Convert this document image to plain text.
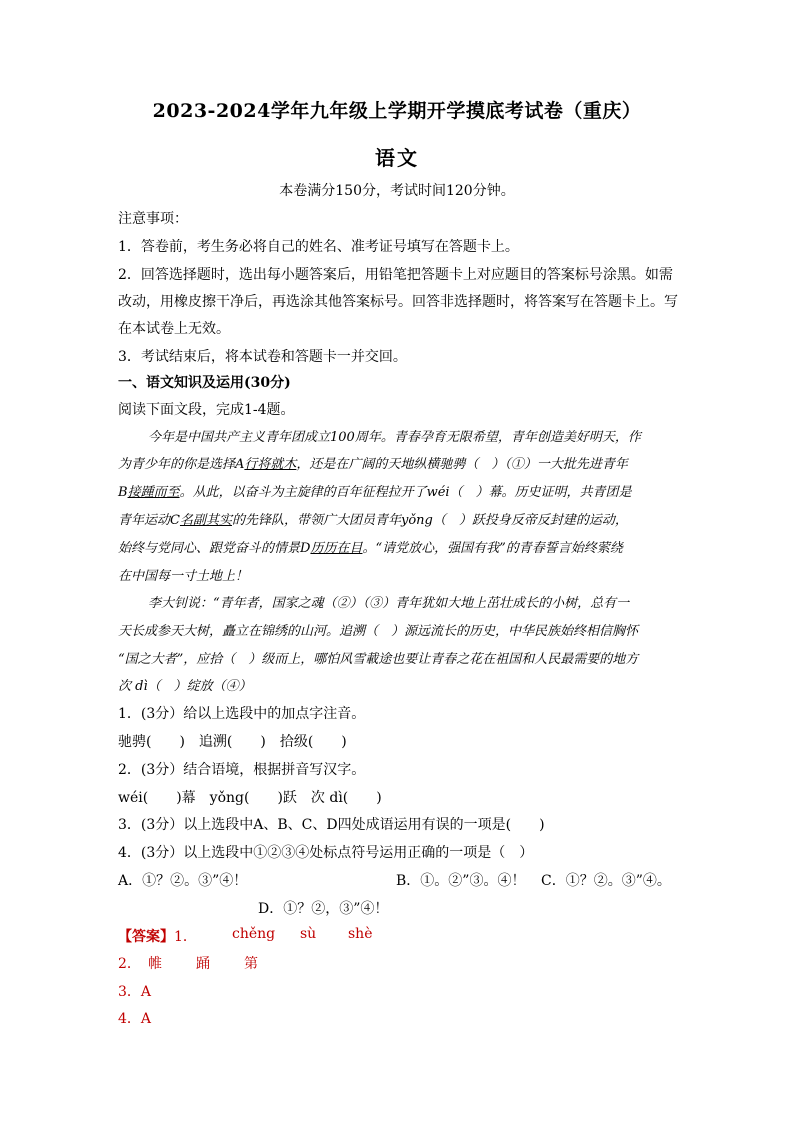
2023-2024学年九年级上学期开学摸底考试卷（重庆）
语文
本卷满分150分，考试时间120分钟。
注意事项：
1．答卷前，考生务必将自己的姓名、准考证号填写在答题卡上。
2．回答选择题时，选出每小题答案后，用铅笔把答题卡上对应题目的答案标号涂黑。如需
改动，用橡皮擦干净后，再选涂其他答案标号。回答非选择题时，将答案写在答题卡上。写
在本试卷上无效。
3．考试结束后，将本试卷和答题卡一并交回。
一、语文知识及运用(30分)
阅读下面文段，完成1-4题。
今年是中国共产主义青年团成立100周年。青春孕育无限希望，青年创造美好明天，作
为青少年的你是选择A行将就木，还是在广阔的天地纵横驰骋（　）（①）一大批先进青年
B接踵而至。从此，以奋斗为主旋律的百年征程拉开了wéi（　）幕。历史证明，共青团是
青年运动C名副其实的先锋队，带领广大团员青年yǒng（　）跃投身反帝反封建的运动，
始终与党同心、跟党奋斗的情景D历历在目。“请党放心，强国有我”的青春誓言始终萦绕
在中国每一寸土地上！
李大钊说：“青年者，国家之魂（②）（③）青年犹如大地上茁壮成长的小树，总有一
天长成参天大树，矗立在锦绣的山河。追溯（　）源远流长的历史，中华民族始终相信胸怀
“国之大者”，应拾（　）级而上，哪怕风雪載途也要让青春之花在祖国和人民最需要的地方
次 dì（　）绽放（④）
1．(3分）给以上选段中的加点字注音。
驰骋(　　)　追溯(　　)　拾级(　　)
2．(3分）结合语境，根据拼音写汉字。
wéi(　　)幕　yǒng(　　)跃　次 dì(　　)
3．(3分）以上选段中A、B、C、D四处成语运用有误的一项是(　　)
4．(3分）以上选段中①②③④处标点符号运用正确的一项是（　）
A．①？②。③”④！	B．①。②”③。④！ C．①？②。③”④。
D．①？②，③”④！
【答案】1．	chěng sù shè
2． 帷 踊 第
3．A
4．A
